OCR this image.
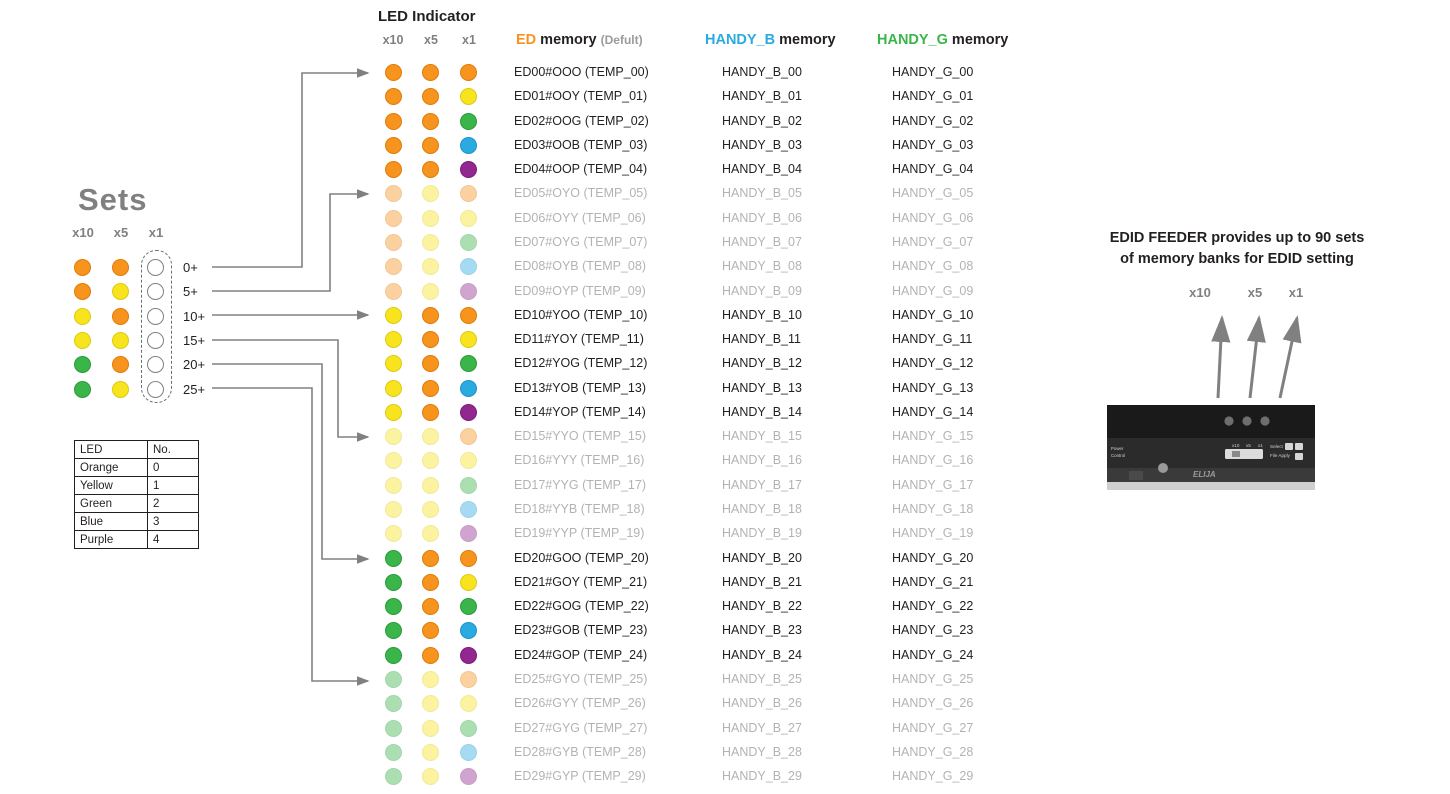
Sets
x10	x5	x1
0+
5+
10+
15+
20+
25+
LED	No.
Orange	0
Yellow	1
Green	2
Blue	3
Purple	4
LED Indicator
x10	x5	x1	ED memory (Defult)	HANDY_B memory	HANDY_G memory
ED00#OOO (TEMP_00)	HANDY_B_00	HANDY_G_00
ED01#OOY (TEMP_01)	HANDY_B_01	HANDY_G_01
ED02#OOG (TEMP_02)	HANDY_B_02	HANDY_G_02
ED03#OOB (TEMP_03)	HANDY_B_03	HANDY_G_03
ED04#OOP (TEMP_04)	HANDY_B_04	HANDY_G_04
ED05#OYO (TEMP_05)	HANDY_B_05	HANDY_G_05
ED06#OYY (TEMP_06)	HANDY_B_06	HANDY_G_06
ED07#OYG (TEMP_07)	HANDY_B_07	HANDY_G_07
ED08#OYB (TEMP_08)	HANDY_B_08	HANDY_G_08
ED09#OYP (TEMP_09)	HANDY_B_09	HANDY_G_09
ED10#YOO (TEMP_10)	HANDY_B_10	HANDY_G_10
ED11#YOY (TEMP_11)	HANDY_B_11	HANDY_G_11
ED12#YOG (TEMP_12)	HANDY_B_12	HANDY_G_12
ED13#YOB (TEMP_13)	HANDY_B_13	HANDY_G_13
ED14#YOP (TEMP_14)	HANDY_B_14	HANDY_G_14
ED15#YYO (TEMP_15)	HANDY_B_15	HANDY_G_15
ED16#YYY (TEMP_16)	HANDY_B_16	HANDY_G_16
ED17#YYG (TEMP_17)	HANDY_B_17	HANDY_G_17
ED18#YYB (TEMP_18)	HANDY_B_18	HANDY_G_18
ED19#YYP (TEMP_19)	HANDY_B_19	HANDY_G_19
ED20#GOO (TEMP_20)	HANDY_B_20	HANDY_G_20
ED21#GOY (TEMP_21)	HANDY_B_21	HANDY_G_21
ED22#GOG (TEMP_22)	HANDY_B_22	HANDY_G_22
ED23#GOB (TEMP_23)	HANDY_B_23	HANDY_G_23
ED24#GOP (TEMP_24)	HANDY_B_24	HANDY_G_24
ED25#GYO (TEMP_25)	HANDY_B_25	HANDY_G_25
ED26#GYY (TEMP_26)	HANDY_B_26	HANDY_G_26
ED27#GYG (TEMP_27)	HANDY_B_27	HANDY_G_27
ED28#GYB (TEMP_28)	HANDY_B_28	HANDY_G_28
ED29#GYP (TEMP_29)	HANDY_B_29	HANDY_G_29
EDID FEEDER provides up to 90 sets
of memory banks for EDID setting
x10	x5	x1
x10 x5 x1 Select
File Apply
Power
Control
ELIJA
